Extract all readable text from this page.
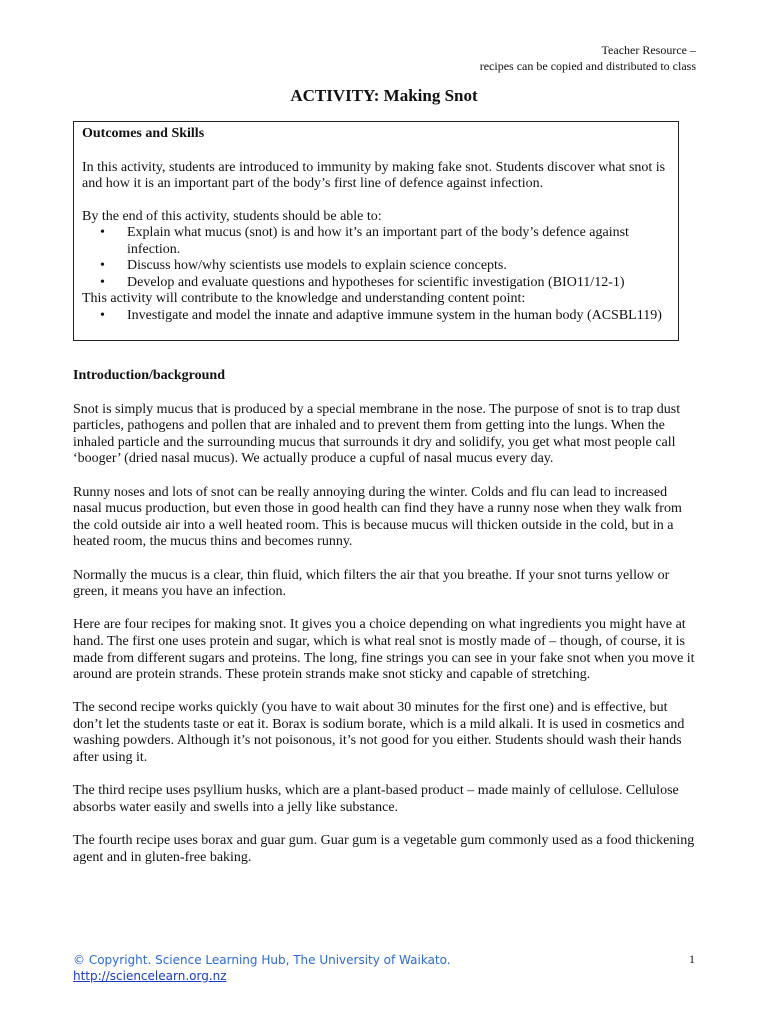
Teacher Resource –
recipes can be copied and distributed to class
ACTIVITY: Making Snot
Outcomes and Skills

In this activity, students are introduced to immunity by making fake snot. Students discover what snot is and how it is an important part of the body’s first line of defence against infection.

By the end of this activity, students should be able to:

• Explain what mucus (snot) is and how it’s an important part of the body’s defence against infection.
• Discuss how/why scientists use models to explain science concepts.
• Develop and evaluate questions and hypotheses for scientific investigation (BIO11/12-1)

This activity will contribute to the knowledge and understanding content point:

• Investigate and model the innate and adaptive immune system in the human body (ACSBL119)
Introduction/background

Snot is simply mucus that is produced by a special membrane in the nose. The purpose of snot is to trap dust particles, pathogens and pollen that are inhaled and to prevent them from getting into the lungs. When the inhaled particle and the surrounding mucus that surrounds it dry and solidify, you get what most people call ‘booger’ (dried nasal mucus). We actually produce a cupful of nasal mucus every day.

Runny noses and lots of snot can be really annoying during the winter. Colds and flu can lead to increased nasal mucus production, but even those in good health can find they have a runny nose when they walk from the cold outside air into a well heated room. This is because mucus will thicken outside in the cold, but in a heated room, the mucus thins and becomes runny.

Normally the mucus is a clear, thin fluid, which filters the air that you breathe. If your snot turns yellow or green, it means you have an infection.

Here are four recipes for making snot. It gives you a choice depending on what ingredients you might have at hand. The first one uses protein and sugar, which is what real snot is mostly made of – though, of course, it is made from different sugars and proteins. The long, fine strings you can see in your fake snot when you move it around are protein strands. These protein strands make snot sticky and capable of stretching.

The second recipe works quickly (you have to wait about 30 minutes for the first one) and is effective, but don’t let the students taste or eat it. Borax is sodium borate, which is a mild alkali. It is used in cosmetics and washing powders. Although it’s not poisonous, it’s not good for you either. Students should wash their hands after using it.

The third recipe uses psyllium husks, which are a plant-based product – made mainly of cellulose. Cellulose absorbs water easily and swells into a jelly like substance.

The fourth recipe uses borax and guar gum. Guar gum is a vegetable gum commonly used as a food thickening agent and in gluten-free baking.

© Copyright. Science Learning Hub, The University of Waikato.
http://sciencelearn.org.nz
1
